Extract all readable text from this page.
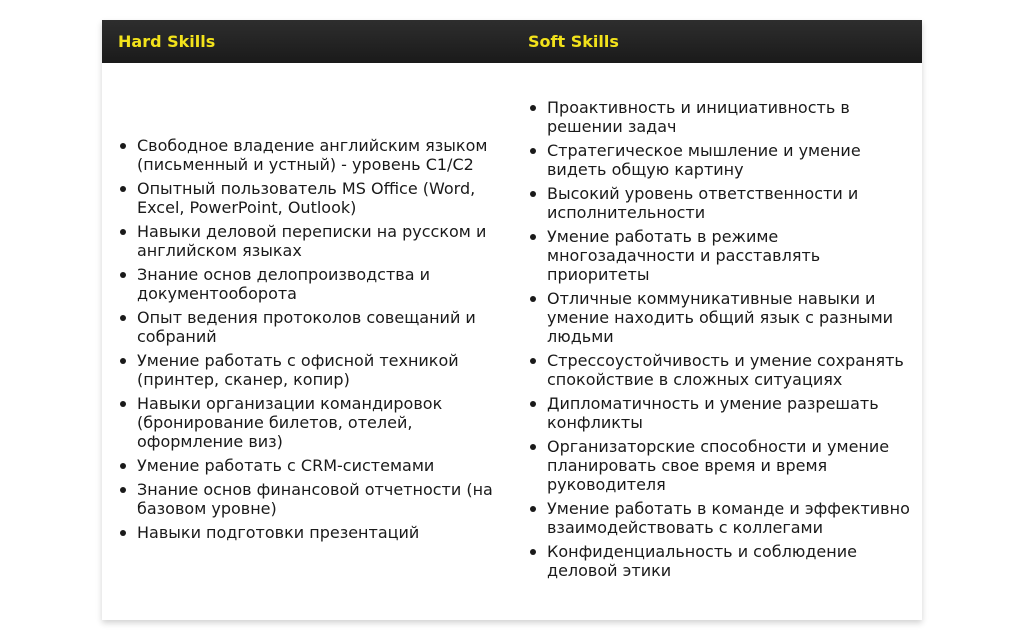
Hard Skills	Soft Skills
Свободное владение английским языком (письменный и устный) - уровень C1/C2
Опытный пользователь MS Office (Word, Excel, PowerPoint, Outlook)
Навыки деловой переписки на русском и английском языках
Знание основ делопроизводства и документооборота
Опыт ведения протоколов совещаний и собраний
Умение работать с офисной техникой (принтер, сканер, копир)
Навыки организации командировок (бронирование билетов, отелей, оформление виз)
Умение работать с CRM-системами
Знание основ финансовой отчетности (на базовом уровне)
Навыки подготовки презентаций
Проактивность и инициативность в решении задач
Стратегическое мышление и умение видеть общую картину
Высокий уровень ответственности и исполнительности
Умение работать в режиме многозадачности и расставлять приоритеты
Отличные коммуникативные навыки и умение находить общий язык с разными людьми
Стрессоустойчивость и умение сохранять спокойствие в сложных ситуациях
Дипломатичность и умение разрешать конфликты
Организаторские способности и умение планировать свое время и время руководителя
Умение работать в команде и эффективно взаимодействовать с коллегами
Конфиденциальность и соблюдение деловой этики
